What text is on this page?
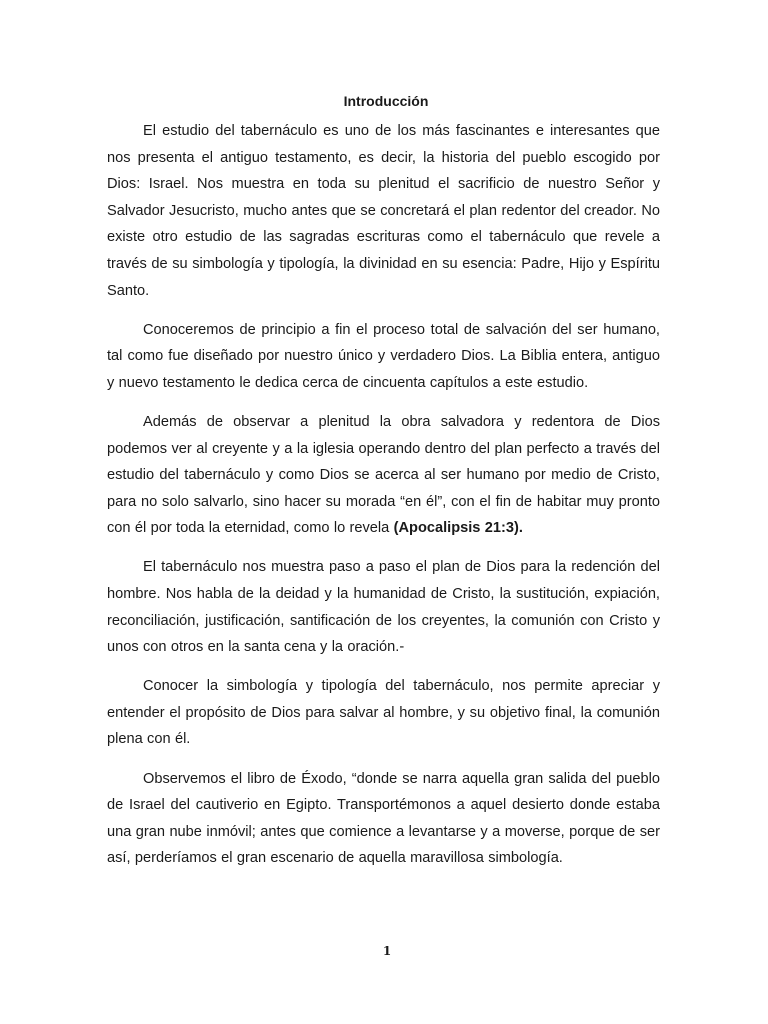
Introducción

El estudio del tabernáculo es uno de los más fascinantes e interesantes que nos presenta el antiguo testamento, es decir, la historia del pueblo escogido por Dios: Israel. Nos muestra en toda su plenitud el sacrificio de nuestro Señor y Salvador Jesucristo, mucho antes que se concretará el plan redentor del creador. No existe otro estudio de las sagradas escrituras como el tabernáculo que revele a través de su simbología y tipología, la divinidad en su esencia: Padre, Hijo y Espíritu Santo.

Conoceremos de principio a fin el proceso total de salvación del ser humano, tal como fue diseñado por nuestro único y verdadero Dios. La Biblia entera, antiguo y nuevo testamento le dedica cerca de cincuenta capítulos a este estudio.

Además de observar a plenitud la obra salvadora y redentora de Dios podemos ver al creyente y a la iglesia operando dentro del plan perfecto a través del estudio del tabernáculo y como Dios se acerca al ser humano por medio de Cristo, para no solo salvarlo, sino hacer su morada “en él”, con el fin de habitar muy pronto con él por toda la eternidad, como lo revela (Apocalipsis 21:3).

El tabernáculo nos muestra paso a paso el plan de Dios para la redención del hombre. Nos habla de la deidad y la humanidad de Cristo, la sustitución, expiación, reconciliación, justificación, santificación de los creyentes, la comunión con Cristo y unos con otros en la santa cena y la oración.-

Conocer la simbología y tipología del tabernáculo, nos permite apreciar y entender el propósito de Dios para salvar al hombre, y su objetivo final, la comunión plena con él.

Observemos el libro de Éxodo, “donde se narra aquella gran salida del pueblo de Israel del cautiverio en Egipto. Transportémonos a aquel desierto donde estaba una gran nube inmóvil; antes que comience a levantarse y a moverse, porque de ser así, perderíamos el gran escenario de aquella maravillosa simbología.

1
